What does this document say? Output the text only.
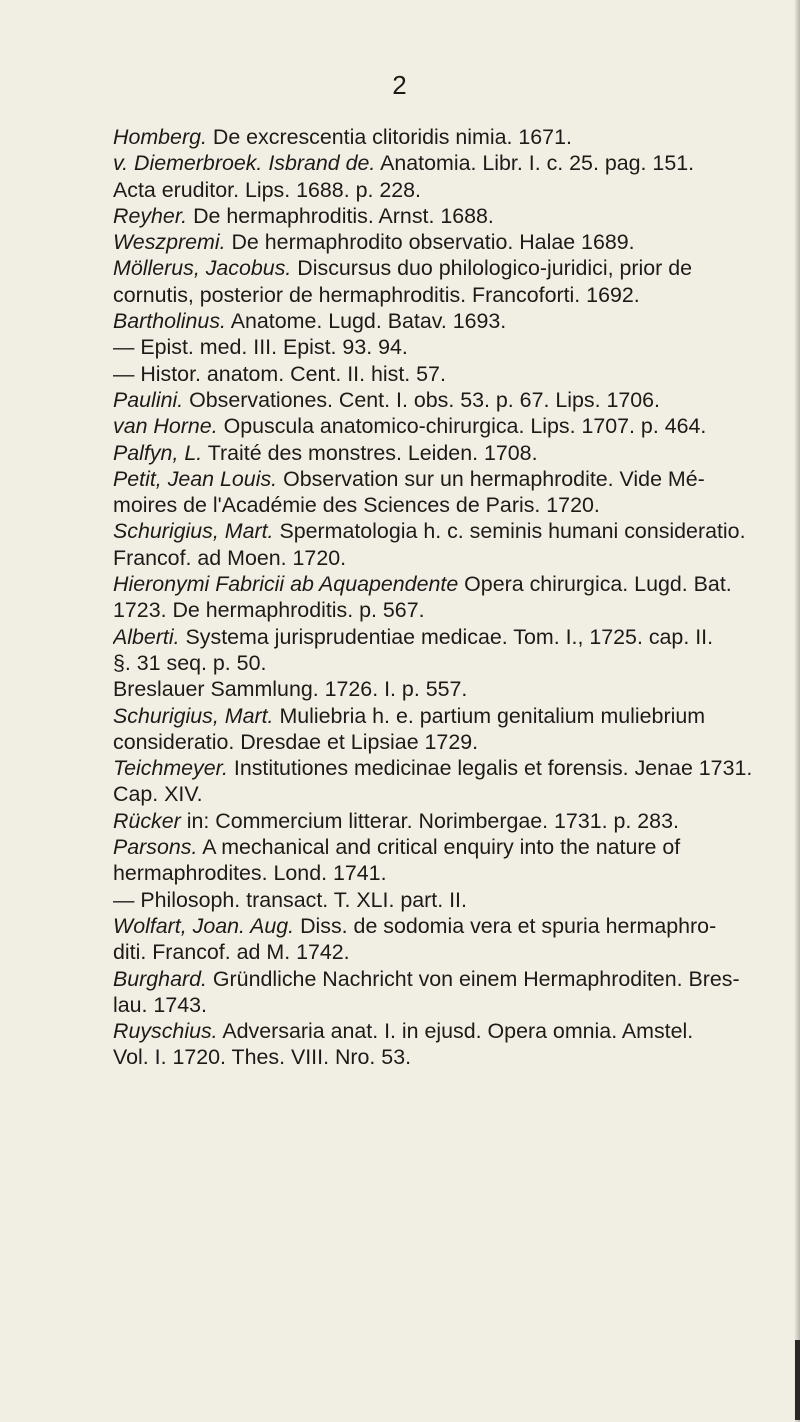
2
Homberg. De excrescentia clitoridis nimia. 1671.
v. Diemerbroek. Isbrand de. Anatomia. Libr. I. c. 25. pag. 151.
Acta eruditor. Lips. 1688. p. 228.
Reyher. De hermaphroditis. Arnst. 1688.
Weszpremi. De hermaphrodito observatio. Halae 1689.
Möllerus, Jacobus. Discursus duo philologico-juridici, prior de
cornutis, posterior de hermaphroditis. Francoforti. 1692.
Bartholinus. Anatome. Lugd. Batav. 1693.
— Epist. med. III. Epist. 93. 94.
— Histor. anatom. Cent. II. hist. 57.
Paulini. Observationes. Cent. I. obs. 53. p. 67. Lips. 1706.
van Horne. Opuscula anatomico-chirurgica. Lips. 1707. p. 464.
Palfyn, L. Traité des monstres. Leiden. 1708.
Petit, Jean Louis. Observation sur un hermaphrodite. Vide Mé-
moires de l'Académie des Sciences de Paris. 1720.
Schurigius, Mart. Spermatologia h. c. seminis humani consideratio.
Francof. ad Moen. 1720.
Hieronymi Fabricii ab Aquapendente Opera chirurgica. Lugd. Bat.
1723. De hermaphroditis. p. 567.
Alberti. Systema jurisprudentiae medicae. Tom. I., 1725. cap. II.
§. 31 seq. p. 50.
Breslauer Sammlung. 1726. I. p. 557.
Schurigius, Mart. Muliebria h. e. partium genitalium muliebrium
consideratio. Dresdae et Lipsiae 1729.
Teichmeyer. Institutiones medicinae legalis et forensis. Jenae 1731.
Cap. XIV.
Rücker in: Commercium litterar. Norimbergae. 1731. p. 283.
Parsons. A mechanical and critical enquiry into the nature of
hermaphrodites. Lond. 1741.
— Philosoph. transact. T. XLI. part. II.
Wolfart, Joan. Aug. Diss. de sodomia vera et spuria hermaphro-
diti. Francof. ad M. 1742.
Burghard. Gründliche Nachricht von einem Hermaphroditen. Bres-
lau. 1743.
Ruyschius. Adversaria anat. I. in ejusd. Opera omnia. Amstel.
Vol. I. 1720. Thes. VIII. Nro. 53.
